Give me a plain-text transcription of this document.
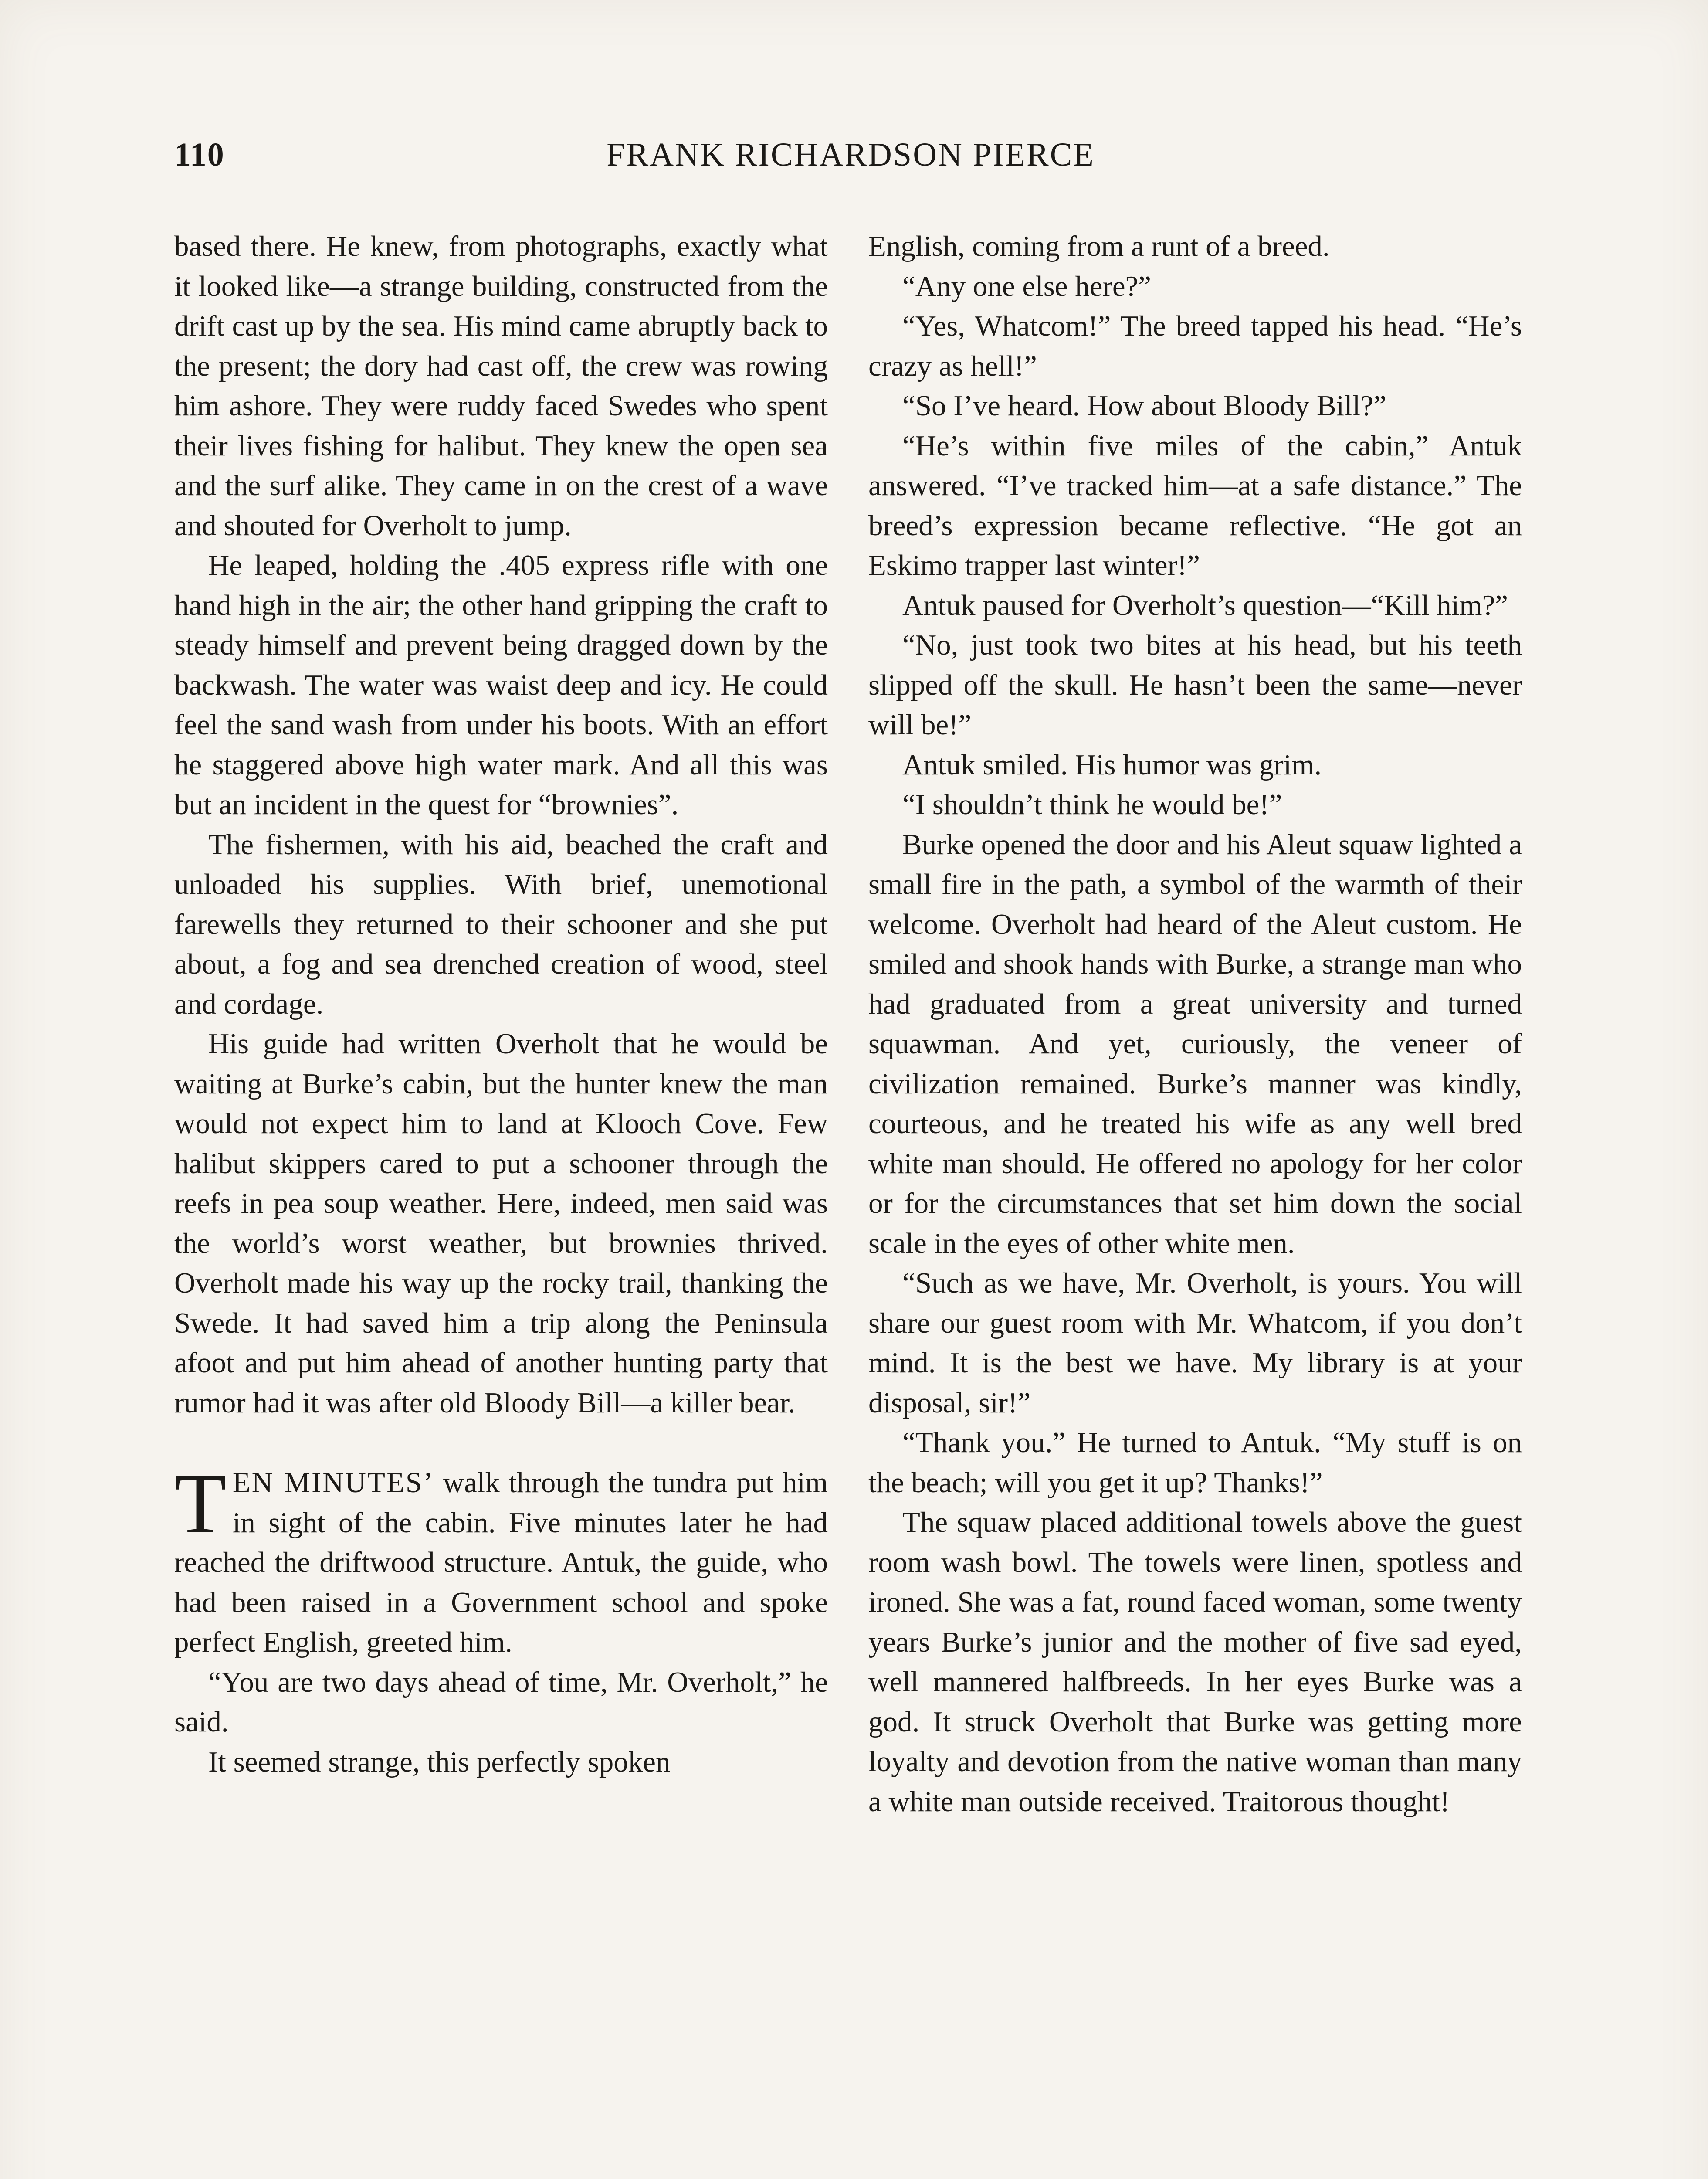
110	FRANK RICHARDSON PIERCE

based there. He knew, from photographs, exactly what it looked like—a strange building, constructed from the drift cast up by the sea. His mind came abruptly back to the present; the dory had cast off, the crew was rowing him ashore. They were ruddy faced Swedes who spent their lives fishing for halibut. They knew the open sea and the surf alike. They came in on the crest of a wave and shouted for Overholt to jump.

He leaped, holding the .405 express rifle with one hand high in the air; the other hand gripping the craft to steady himself and prevent being dragged down by the backwash. The water was waist deep and icy. He could feel the sand wash from under his boots. With an effort he staggered above high water mark. And all this was but an incident in the quest for “brownies”.

The fishermen, with his aid, beached the craft and unloaded his supplies. With brief, unemotional farewells they returned to their schooner and she put about, a fog and sea drenched creation of wood, steel and cordage.

His guide had written Overholt that he would be waiting at Burke’s cabin, but the hunter knew the man would not expect him to land at Klooch Cove. Few halibut skippers cared to put a schooner through the reefs in pea soup weather. Here, indeed, men said was the world’s worst weather, but brownies thrived. Overholt made his way up the rocky trail, thanking the Swede. It had saved him a trip along the Peninsula afoot and put him ahead of another hunting party that rumor had it was after old Bloody Bill—a killer bear.

TEN MINUTES’ walk through the tundra put him in sight of the cabin. Five minutes later he had reached the driftwood structure. Antuk, the guide, who had been raised in a Government school and spoke perfect English, greeted him.

“You are two days ahead of time, Mr. Overholt,” he said.

It seemed strange, this perfectly spoken

English, coming from a runt of a breed.

“Any one else here?”

“Yes, Whatcom!” The breed tapped his head. “He’s crazy as hell!”

“So I’ve heard. How about Bloody Bill?”

“He’s within five miles of the cabin,” Antuk answered. “I’ve tracked him—at a safe distance.” The breed’s expression became reflective. “He got an Eskimo trapper last winter!”

Antuk paused for Overholt’s question—“Kill him?”

“No, just took two bites at his head, but his teeth slipped off the skull. He hasn’t been the same—never will be!”

Antuk smiled. His humor was grim.

“I shouldn’t think he would be!”

Burke opened the door and his Aleut squaw lighted a small fire in the path, a symbol of the warmth of their welcome. Overholt had heard of the Aleut custom. He smiled and shook hands with Burke, a strange man who had graduated from a great university and turned squawman. And yet, curiously, the veneer of civilization remained. Burke’s manner was kindly, courteous, and he treated his wife as any well bred white man should. He offered no apology for her color or for the circumstances that set him down the social scale in the eyes of other white men.

“Such as we have, Mr. Overholt, is yours. You will share our guest room with Mr. Whatcom, if you don’t mind. It is the best we have. My library is at your disposal, sir!”

“Thank you.” He turned to Antuk. “My stuff is on the beach; will you get it up? Thanks!”

The squaw placed additional towels above the guest room wash bowl. The towels were linen, spotless and ironed. She was a fat, round faced woman, some twenty years Burke’s junior and the mother of five sad eyed, well mannered halfbreeds. In her eyes Burke was a god. It struck Overholt that Burke was getting more loyalty and devotion from the native woman than many a white man outside received. Traitorous thought!
